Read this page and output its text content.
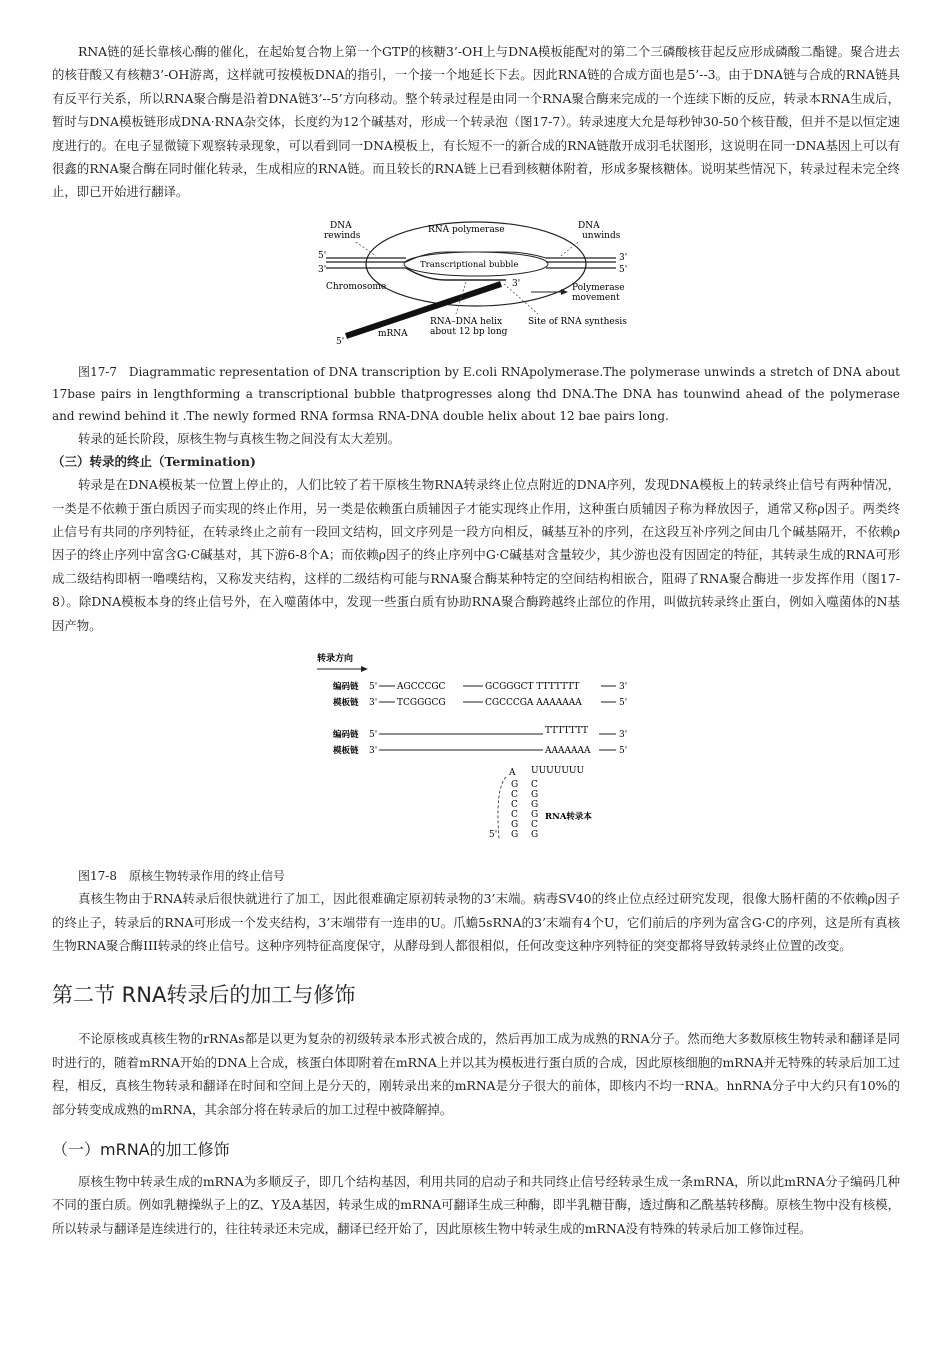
RNA链的延长靠核心酶的催化，在起始复合物上第一个GTP的核糖3’-OH上与DNA模板能配对的第二个三磷酸核苷起反应形成磷酸二酯键。聚合进去的核苷酸又有核糖3’-OH游离，这样就可按模板DNA的指引，一个接一个地延长下去。因此RNA链的合成方面也是5’--3。由于DNA链与合成的RNA链具有反平行关系，所以RNA聚合酶是沿着DNA链3’--5’方向移动。整个转录过程是由同一个RNA聚合酶来完成的一个连续下断的反应，转录本RNA生成后，暂时与DNA模板链形成DNA·RNA杂交体，长度约为12个碱基对，形成一个转录泡（图17-7）。转录速度大允是每秒钟30-50个核苷酸，但并不是以恒定速度进行的。在电子显微镜下观察转录现象，可以看到同一DNA模板上，有长短不一的新合成的RNA链散开成羽毛状图形，这说明在同一DNA基因上可以有很鑫的RNA聚合酶在同时催化转录，生成相应的RNA链。而且较长的RNA链上已看到核糖体附着，形成多聚核糖体。说明某些情况下，转录过程未完全终止，即已开始进行翻译。

DNA
rewinds
RNA polymerase	DNA
unwinds
5'
3'	Transcriptional bubble
3'
5'
Chromosome	3'	Polymerase
movement
RNA–DNA helix
about 12 bp long
Site of RNA synthesis
5'
mRNA

图17-7 Diagrammatic representation of DNA transcription by E.coli RNApolymerase.The polymerase unwinds a stretch of DNA about 17base pairs in lengthforming a transcriptional bubble thatprogresses along thd DNA.The DNA has tounwind ahead of the polymerase and rewind behind it .The newly formed RNA formsa RNA-DNA double helix about 12 bae pairs long.

转录的延长阶段，原核生物与真核生物之间没有太大差别。

（三）转录的终止（Termination)

转录是在DNA模板某一位置上停止的，人们比较了若干原核生物RNA转录终止位点附近的DNA序列，发现DNA模板上的转录终止信号有两种情况，一类是不依赖于蛋白质因子而实现的终止作用，另一类是依赖蛋白质辅因子才能实现终止作用，这种蛋白质辅因子称为释放因子，通常又称ρ因子。两类终止信号有共同的序列特征，在转录终止之前有一段回文结构，回文序列是一段方向相反，碱基互补的序列，在这段互补序列之间由几个碱基隔开，不依赖ρ因子的终止序列中富含G·C碱基对，其下游6-8个A；而依赖ρ因子的终止序列中G·C碱基对含量较少，其少游也没有因固定的特征，其转录生成的RNA可形成二级结构即柄一噜噗结构，又称发夹结构，这样的二级结构可能与RNA聚合酶某种特定的空间结构相嵌合，阻碍了RNA聚合酶进一步发挥作用（图17-8）。除DNA模板本身的终止信号外，在入噬菌体中，发现一些蛋白质有协助RNA聚合酶跨越终止部位的作用，叫做抗转录终止蛋白，例如入噬菌体的N基因产物。

转录方向
编码链 5' AGCCCGC	GCGGGCT TTTTTTT	3'
模板链 3' TCGGGCG	CGCCCGA AAAAAAA	5'
编码链 5'	TTTTTTT	3'
模板链 3'	AAAAAAA	5'
A UUUUUUU
G
C
C
C
G
G
C
G
G
G
C
G
5'
RNA转录本

图17-8　原核生物转录作用的终止信号

真核生物由于RNA转录后很快就进行了加工，因此很难确定原初转录物的3’末端。病毒SV40的终止位点经过研究发现，很像大肠杆菌的不依赖ρ因子的终止子，转录后的RNA可形成一个发夹结构，3’末端带有一连串的U。爪蟾5sRNA的3’末端有4个U，它们前后的序列为富含G·C的序列，这是所有真核生物RNA聚合酶III转录的终止信号。这种序列特征高度保守，从酵母到人都很相似，任何改变这种序列特征的突变都将导致转录终止位置的改变。

第二节 RNA转录后的加工与修饰

不论原核或真核生物的rRNAs都是以更为复杂的初级转录本形式被合成的，然后再加工成为成熟的RNA分子。然而绝大多数原核生物转录和翻译是同时进行的，随着mRNA开始的DNA上合成，核蛋白体即附着在mRNA上并以其为模板进行蛋白质的合成，因此原核细胞的mRNA并无特殊的转录后加工过程，相反，真核生物转录和翻译在时间和空间上是分天的，刚转录出来的mRNA是分子很大的前体，即核内不均一RNA。hnRNA分子中大约只有10%的部分转变成成熟的mRNA，其余部分将在转录后的加工过程中被降解掉。

（一）mRNA的加工修饰

原核生物中转录生成的mRNA为多顺反子，即几个结构基因，利用共同的启动子和共同终止信号经转录生成一条mRNA，所以此mRNA分子编码几种不同的蛋白质。例如乳糖操纵子上的Z、Y及A基因，转录生成的mRNA可翻译生成三种酶，即半乳糖苷酶，透过酶和乙酰基转移酶。原核生物中没有核模，所以转录与翻译是连续进行的，往往转录还未完成，翻译已经开始了，因此原核生物中转录生成的mRNA没有特殊的转录后加工修饰过程。
